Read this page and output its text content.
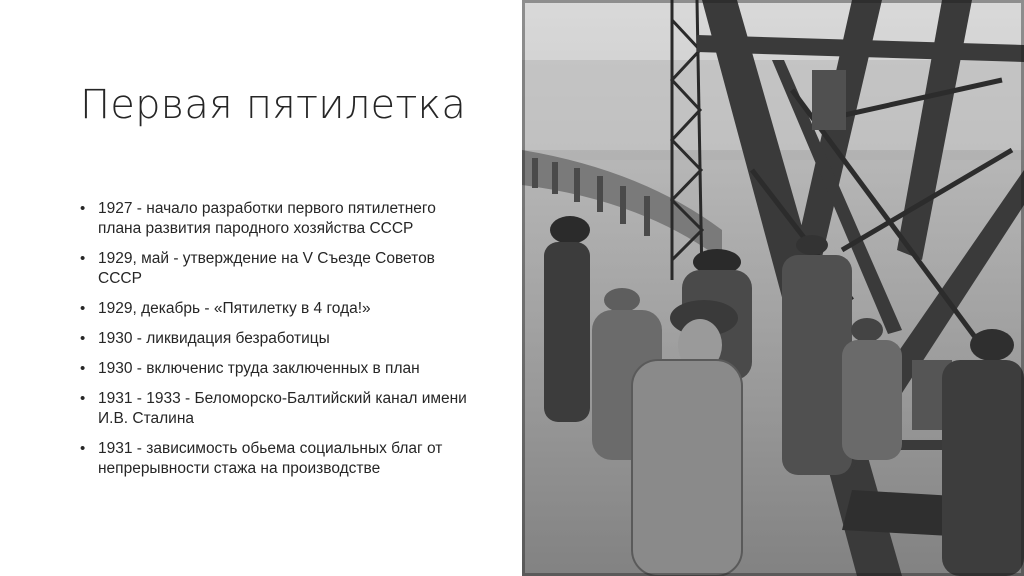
Первая пятилетка
• 1927 - начало разработки первого пятилетнего плана развития пародного хозяйства СССР
• 1929, май - утверждение на V Съезде Советов СССР
• 1929, декабрь - «Пятилетку в 4 года!»
• 1930 - ликвидация безработицы
• 1930 - включенис труда заключенных в план
• 1931 - 1933 - Беломорско-Балтийский канал имени И.В. Сталина
• 1931 - зависимость обьема социальных благ от непрерывности стажа на производстве
